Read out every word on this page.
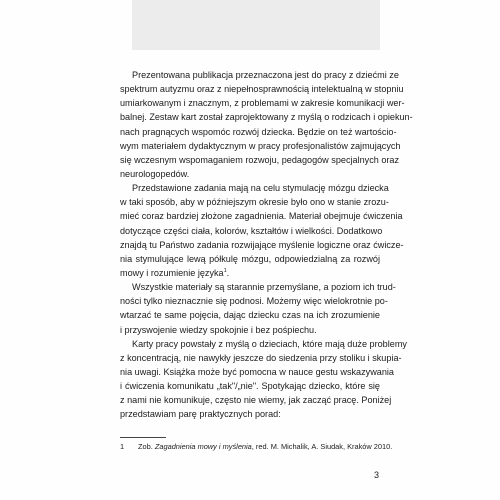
Prezentowana publikacja przeznaczona jest do pracy z dziećmi ze
spektrum autyzmu oraz z niepełnosprawnością intelektualną w stopniu
umiarkowanym i znacznym, z problemami w zakresie komunikacji wer-
balnej. Zestaw kart został zaprojektowany z myślą o rodzicach i opiekun-
nach pragnących wspomóc rozwój dziecka. Będzie on też wartościo-
wym materiałem dydaktycznym w pracy profesjonalistów zajmujących
się wczesnym wspomaganiem rozwoju, pedagogów specjalnych oraz
neurologopedów.
Przedstawione zadania mają na celu stymulację mózgu dziecka
w taki sposób, aby w późniejszym okresie było ono w stanie zrozu-
mieć coraz bardziej złożone zagadnienia. Materiał obejmuje ćwiczenia
dotyczące części ciała, kolorów, kształtów i wielkości. Dodatkowo
znajdą tu Państwo zadania rozwijające myślenie logiczne oraz ćwicze-
nia stymulujące lewą półkulę mózgu, odpowiedzialną za rozwój
mowy i rozumienie języka$^1$.
Wszystkie materiały są starannie przemyślane, a poziom ich trud-
ności tylko nieznacznie się podnosi. Możemy więc wielokrotnie po-
wtarzać te same pojęcia, dając dziecku czas na ich zrozumienie
i przyswojenie wiedzy spokojnie i bez pośpiechu.
Karty pracy powstały z myślą o dzieciach, które mają duże problemy
z koncentracją, nie nawykły jeszcze do siedzenia przy stoliku i skupia-
nia uwagi. Książka może być pomocna w nauce gestu wskazywania
i ćwiczenia komunikatu „tak"/„nie". Spotykając dziecko, które się
z nami nie komunikuje, często nie wiemy, jak zacząć pracę. Poniżej
przedstawiam parę praktycznych porad:
1 Zob. Zagadnienia mowy i myślenia, red. M. Michalik, A. Siudak, Kraków 2010.
3
